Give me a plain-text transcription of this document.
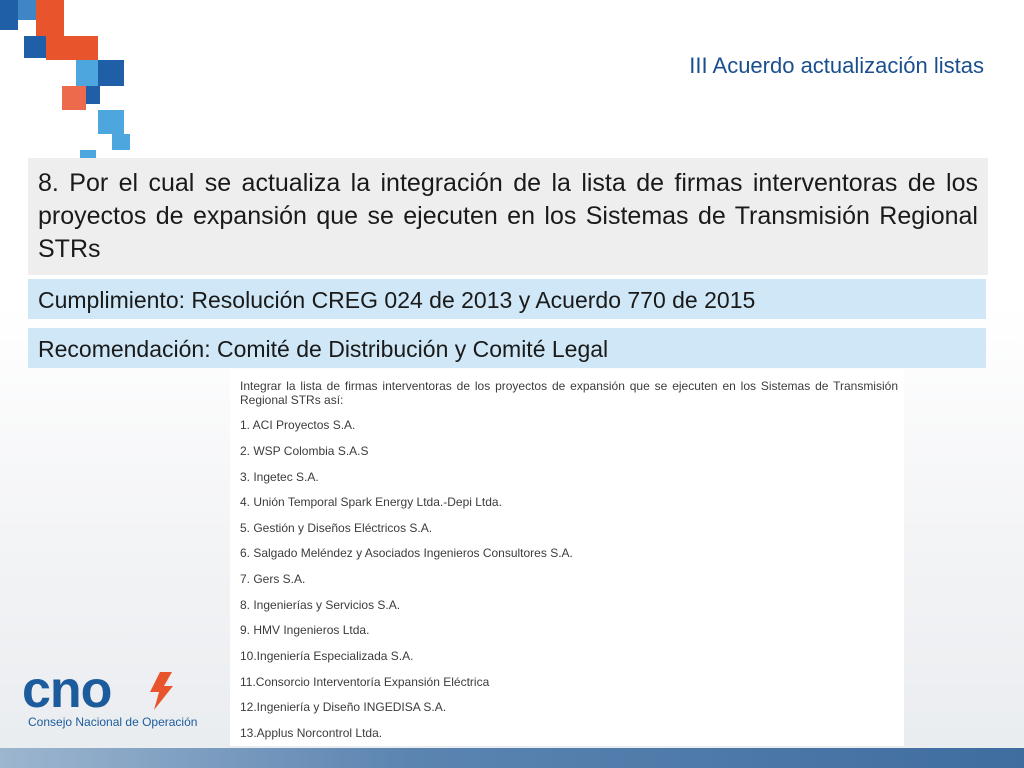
III Acuerdo actualización listas
8. Por el cual se actualiza la integración de la lista de firmas interventoras de los proyectos de expansión que se ejecuten en los Sistemas de Transmisión Regional STRs
Cumplimiento: Resolución CREG 024 de 2013 y Acuerdo 770 de 2015
Recomendación: Comité de Distribución y Comité Legal
Integrar la lista de firmas interventoras de los proyectos de expansión que se ejecuten en los Sistemas de Transmisión Regional STRs así:
1. ACI Proyectos S.A.
2. WSP Colombia S.A.S
3. Ingetec S.A.
4. Unión Temporal Spark Energy Ltda.-Depi Ltda.
5. Gestión y Diseños Eléctricos S.A.
6. Salgado Meléndez y Asociados Ingenieros Consultores S.A.
7. Gers S.A.
8. Ingenierías y Servicios S.A.
9. HMV Ingenieros Ltda.
10.Ingeniería Especializada S.A.
11.Consorcio Interventoría Expansión Eléctrica
12.Ingeniería y Diseño INGEDISA S.A.
13.Applus Norcontrol Ltda.
cno
Consejo Nacional de Operación
